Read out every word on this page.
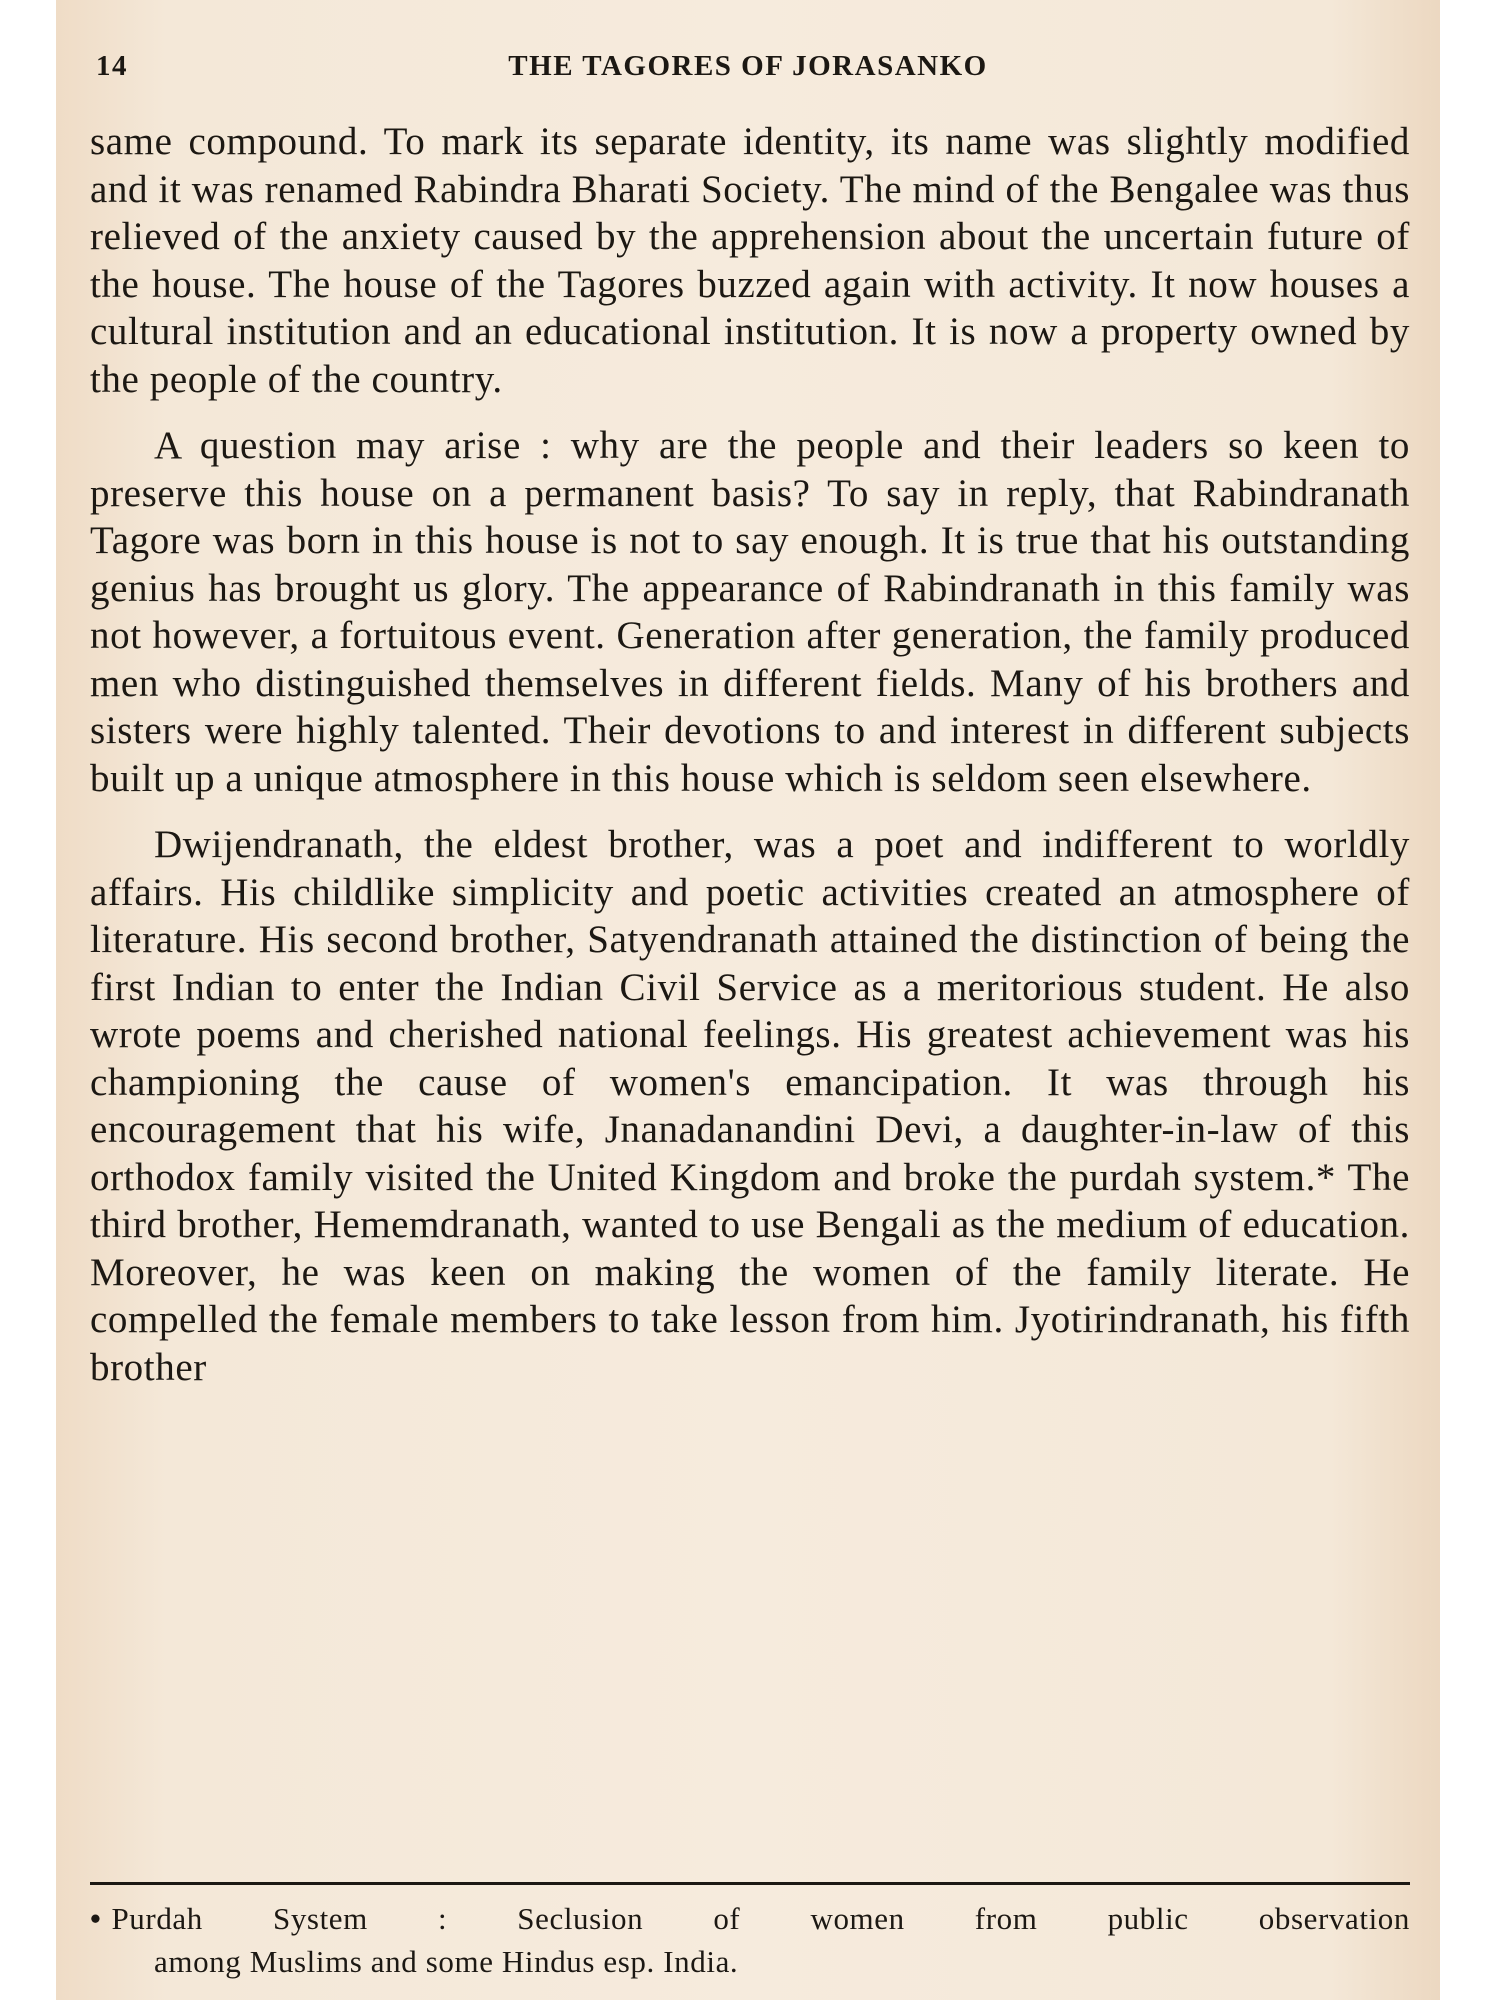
14	THE TAGORES OF JORASANKO

same compound. To mark its separate identity, its name was slightly modified and it was renamed Rabindra Bharati Society. The mind of the Bengalee was thus relieved of the anxiety caused by the apprehension about the uncertain future of the house. The house of the Tagores buzzed again with activity. It now houses a cultural institution and an educational institution. It is now a property owned by the people of the country.

A question may arise : why are the people and their leaders so keen to preserve this house on a permanent basis? To say in reply, that Rabindranath Tagore was born in this house is not to say enough. It is true that his outstanding genius has brought us glory. The appearance of Rabindranath in this family was not however, a fortuitous event. Generation after generation, the family produced men who distinguished themselves in different fields. Many of his brothers and sisters were highly talented. Their devotions to and interest in different subjects built up a unique atmosphere in this house which is seldom seen elsewhere.

Dwijendranath, the eldest brother, was a poet and indifferent to worldly affairs. His childlike simplicity and poetic activities created an atmosphere of literature. His second brother, Satyendranath attained the distinction of being the first Indian to enter the Indian Civil Service as a meritorious student. He also wrote poems and cherished national feelings. His greatest achievement was his championing the cause of women's emancipation. It was through his encouragement that his wife, Jnanadanandini Devi, a daughter-in-law of this orthodox family visited the United Kingdom and broke the purdah system.* The third brother, Hememdranath, wanted to use Bengali as the medium of education. Moreover, he was keen on making the women of the family literate. He compelled the female members to take lesson from him. Jyotirindranath, his fifth brother

• Purdah System : Seclusion of women from public observation
among Muslims and some Hindus esp. India.
